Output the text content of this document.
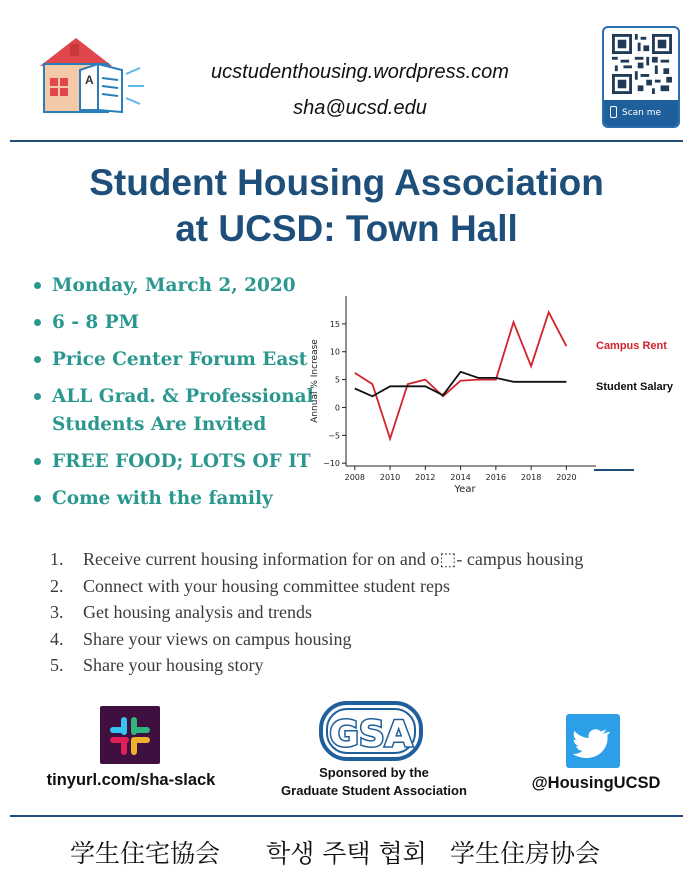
A	ucstudenthousing.wordpress.com
sha@ucsd.edu	Scan me
Student Housing Association
at UCSD: Town Hall
Monday, March 2, 2020
6 - 8 PM
Price Center Forum East
ALL Grad. & Professional
Students Are Invited
FREE FOOD; LOTS OF IT
Come with the family
−10
−5
0
5
10
15
2008 2010 2012 2014 2016 2018 2020
Year
Annual % Increase	Campus Rent
Student Salary
1. Receive current housing information for on and o⬚- campus housing
2. Connect with your housing committee student reps
3. Get housing analysis and trends
4. Share your views on campus housing
5. Share your housing story
tinyurl.com/sha-slack
GSA
Sponsored by the
Graduate Student Association	@HousingUCSD
学生住宅協会 학생 주택 협회 学生住房协会
